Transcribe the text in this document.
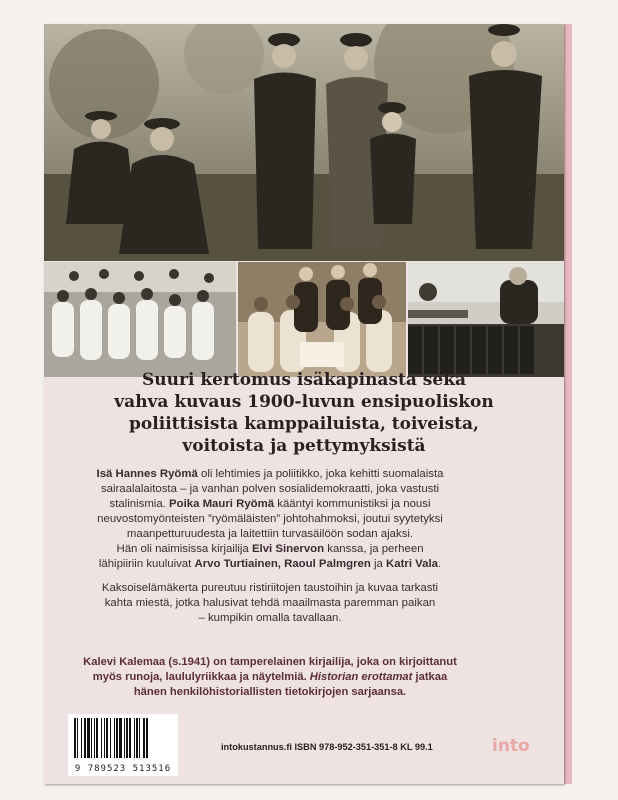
Suuri kertomus isäkapinasta sekä
vahva kuvaus 1900-luvun ensipuoliskon
poliittisista kamppailuista, toiveista,
voitoista ja pettymyksistä

Isä Hannes Ryömä oli lehtimies ja poliitikko, joka kehitti suomalaista
sairaalalaitosta – ja vanhan polven sosialidemokraatti, joka vastusti
stalinismia. Poika Mauri Ryömä kääntyi kommunistiksi ja nousi
neuvostomyönteisten ”ryömäläisten” johtohahmoksi, joutui syytetyksi
maanpetturuudesta ja laitettiin turvasäilöön sodan ajaksi.
Hän oli naimisissa kirjailija Elvi Sinervon kanssa, ja perheen
lähipiiriin kuuluivat Arvo Turtiainen, Raoul Palmgren ja Katri Vala.

Kaksoiselämäkerta pureutuu ristiriitojen taustoihin ja kuvaa tarkasti
kahta miestä, jotka halusivat tehdä maailmasta paremman paikan
– kumpikin omalla tavallaan.

Kalevi Kalemaa (s.1941) on tamperelainen kirjailija, joka on kirjoittanut
myös runoja, laululyriikkaa ja näytelmiä. Historian erottamat jatkaa
hänen henkilöhistoriallisten tietokirjojen sarjaansa.
9 789523 513516
intokustannus.fi ISBN 978-952-351-351-8 KL 99.1	into
